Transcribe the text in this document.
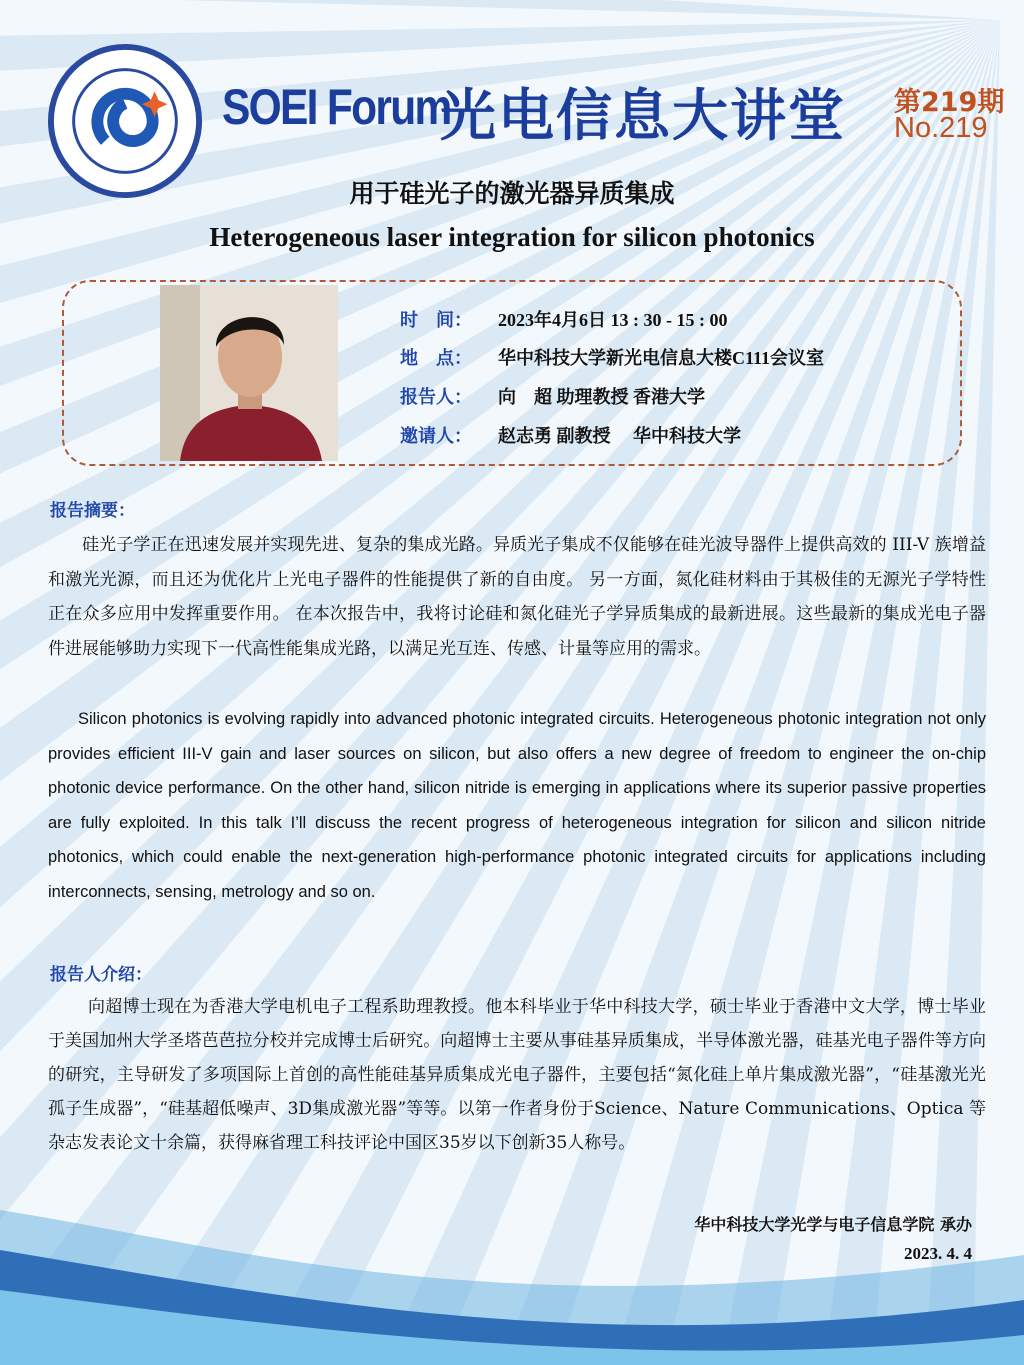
SOEI Forum
光电信息大讲堂 第219期
No.219
用于硅光子的激光器异质集成
Heterogeneous laser integration for silicon photonics
时　间：	2023年4月6日 13 : 30 - 15 : 00
地　点：	华中科技大学新光电信息大楼C111会议室
报告人：	向　超 助理教授 香港大学
邀请人：	赵志勇 副教授　 华中科技大学
报告摘要：
硅光子学正在迅速发展并实现先进、复杂的集成光路。异质光子集成不仅能够在硅光波导器件上提供高效的 III-V 族增益和激光光源，而且还为优化片上光电子器件的性能提供了新的自由度。 另一方面，氮化硅材料由于其极佳的无源光子学特性正在众多应用中发挥重要作用。 在本次报告中，我将讨论硅和氮化硅光子学异质集成的最新进展。这些最新的集成光电子器件进展能够助力实现下一代高性能集成光路，以满足光互连、传感、计量等应用的需求。
Silicon photonics is evolving rapidly into advanced photonic integrated circuits. Heterogeneous photonic integration not only provides efficient III-V gain and laser sources on silicon, but also offers a new degree of freedom to engineer the on-chip photonic device performance. On the other hand, silicon nitride is emerging in applications where its superior passive properties are fully exploited. In this talk I’ll discuss the recent progress of heterogeneous integration for silicon and silicon nitride photonics, which could enable the next-generation high-performance photonic integrated circuits for applications including interconnects, sensing, metrology and so on.
报告人介绍：
向超博士现在为香港大学电机电子工程系助理教授。他本科毕业于华中科技大学，硕士毕业于香港中文大学，博士毕业于美国加州大学圣塔芭芭拉分校并完成博士后研究。向超博士主要从事硅基异质集成，半导体激光器，硅基光电子器件等方向的研究，主导研发了多项国际上首创的高性能硅基异质集成光电子器件，主要包括“氮化硅上单片集成激光器”，“硅基激光光孤子生成器”，“硅基超低噪声、3D集成激光器”等等。以第一作者身份于Science、Nature Communications、Optica 等杂志发表论文十余篇，获得麻省理工科技评论中国区35岁以下创新35人称号。
华中科技大学光学与电子信息学院 承办
2023. 4. 4
